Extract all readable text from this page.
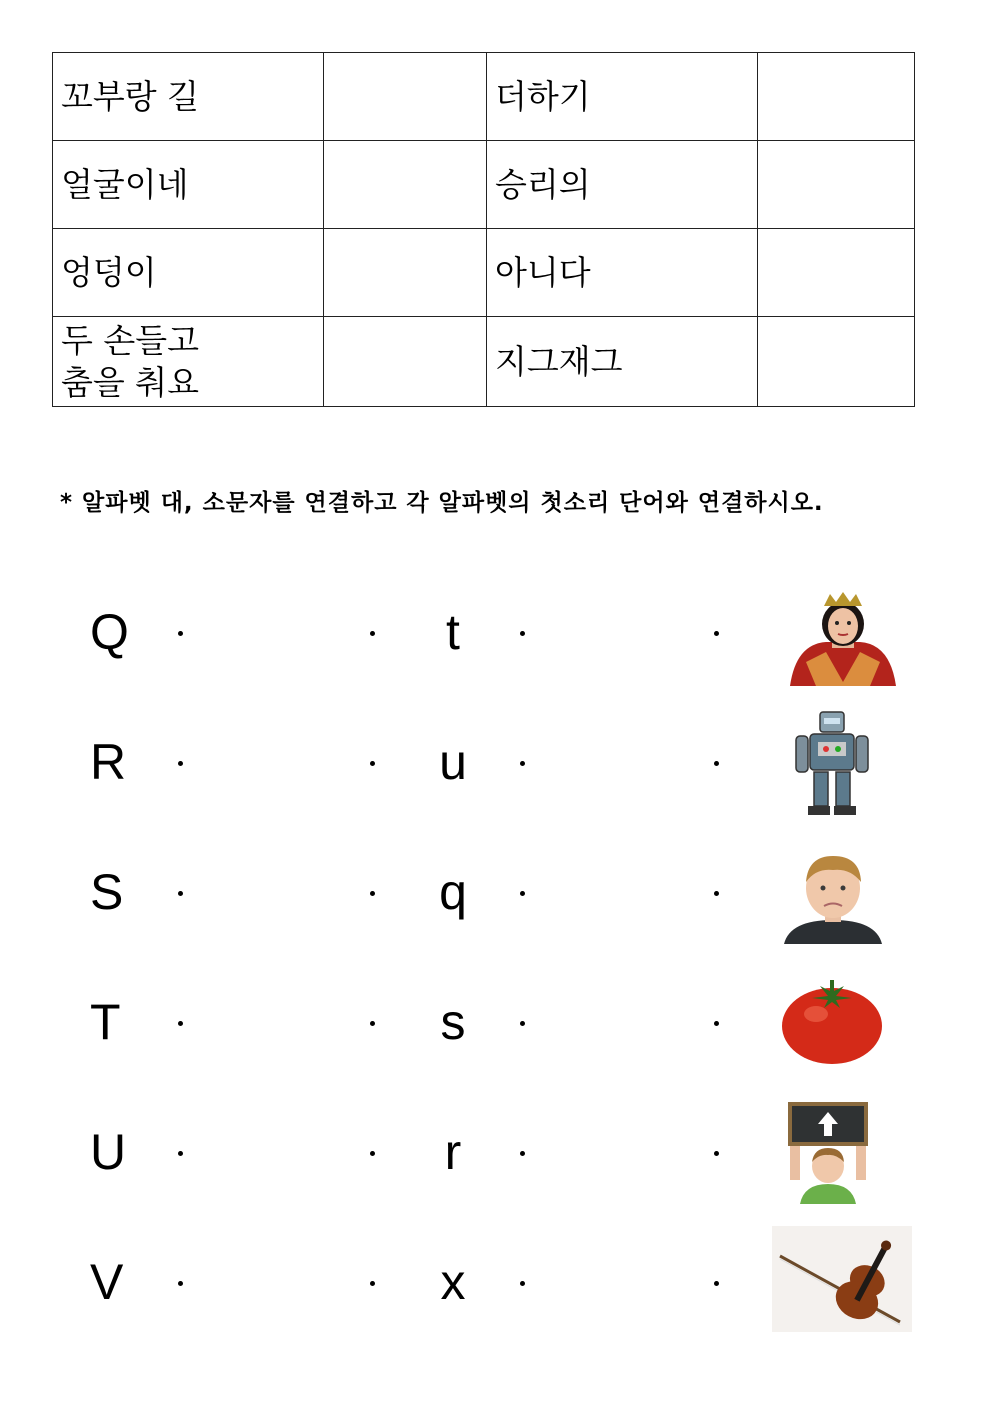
꼬부랑 길		더하기	
얼굴이네		승리의	
엉덩이		아니다	

두 손들고
춤을 춰요		지그재그	
* 알파벳 대, 소문자를 연결하고 각 알파벳의 첫소리 단어와 연결하시오.
Q	t
R	u
S	q
T	s
U	r
V	x
